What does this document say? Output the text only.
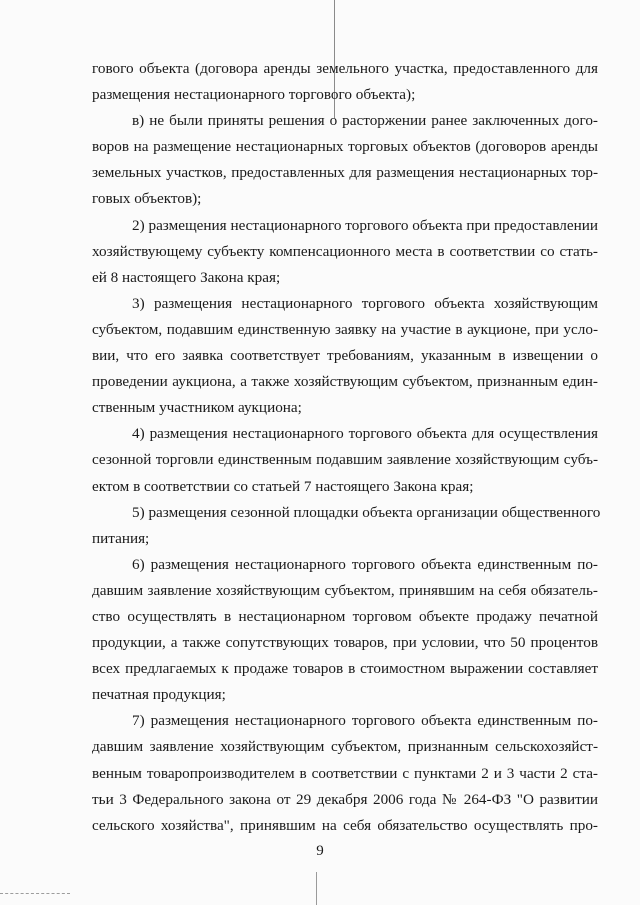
гового объекта (договора аренды земельного участка, предоставленного для
размещения нестационарного торгового объекта);
в) не были приняты решения о расторжении ранее заключенных дого-
воров на размещение нестационарных торговых объектов (договоров аренды
земельных участков, предоставленных для размещения нестационарных тор-
говых объектов);
2) размещения нестационарного торгового объекта при предоставлении
хозяйствующему субъекту компенсационного места в соответствии со стать-
ей 8 настоящего Закона края;
3) размещения нестационарного торгового объекта хозяйствующим
субъектом, подавшим единственную заявку на участие в аукционе, при усло-
вии, что его заявка соответствует требованиям, указанным в извещении о
проведении аукциона, а также хозяйствующим субъектом, признанным един-
ственным участником аукциона;
4) размещения нестационарного торгового объекта для осуществления
сезонной торговли единственным подавшим заявление хозяйствующим субъ-
ектом в соответствии со статьей 7 настоящего Закона края;
5) размещения сезонной площадки объекта организации общественного
питания;
6) размещения нестационарного торгового объекта единственным по-
давшим заявление хозяйствующим субъектом, принявшим на себя обязатель-
ство осуществлять в нестационарном торговом объекте продажу печатной
продукции, а также сопутствующих товаров, при условии, что 50 процентов
всех предлагаемых к продаже товаров в стоимостном выражении составляет
печатная продукция;
7) размещения нестационарного торгового объекта единственным по-
давшим заявление хозяйствующим субъектом, признанным сельскохозяйст-
венным товаропроизводителем в соответствии с пунктами 2 и 3 части 2 ста-
тьи 3 Федерального закона от 29 декабря 2006 года № 264-ФЗ "О развитии
сельского хозяйства", принявшим на себя обязательство осуществлять про-
9
